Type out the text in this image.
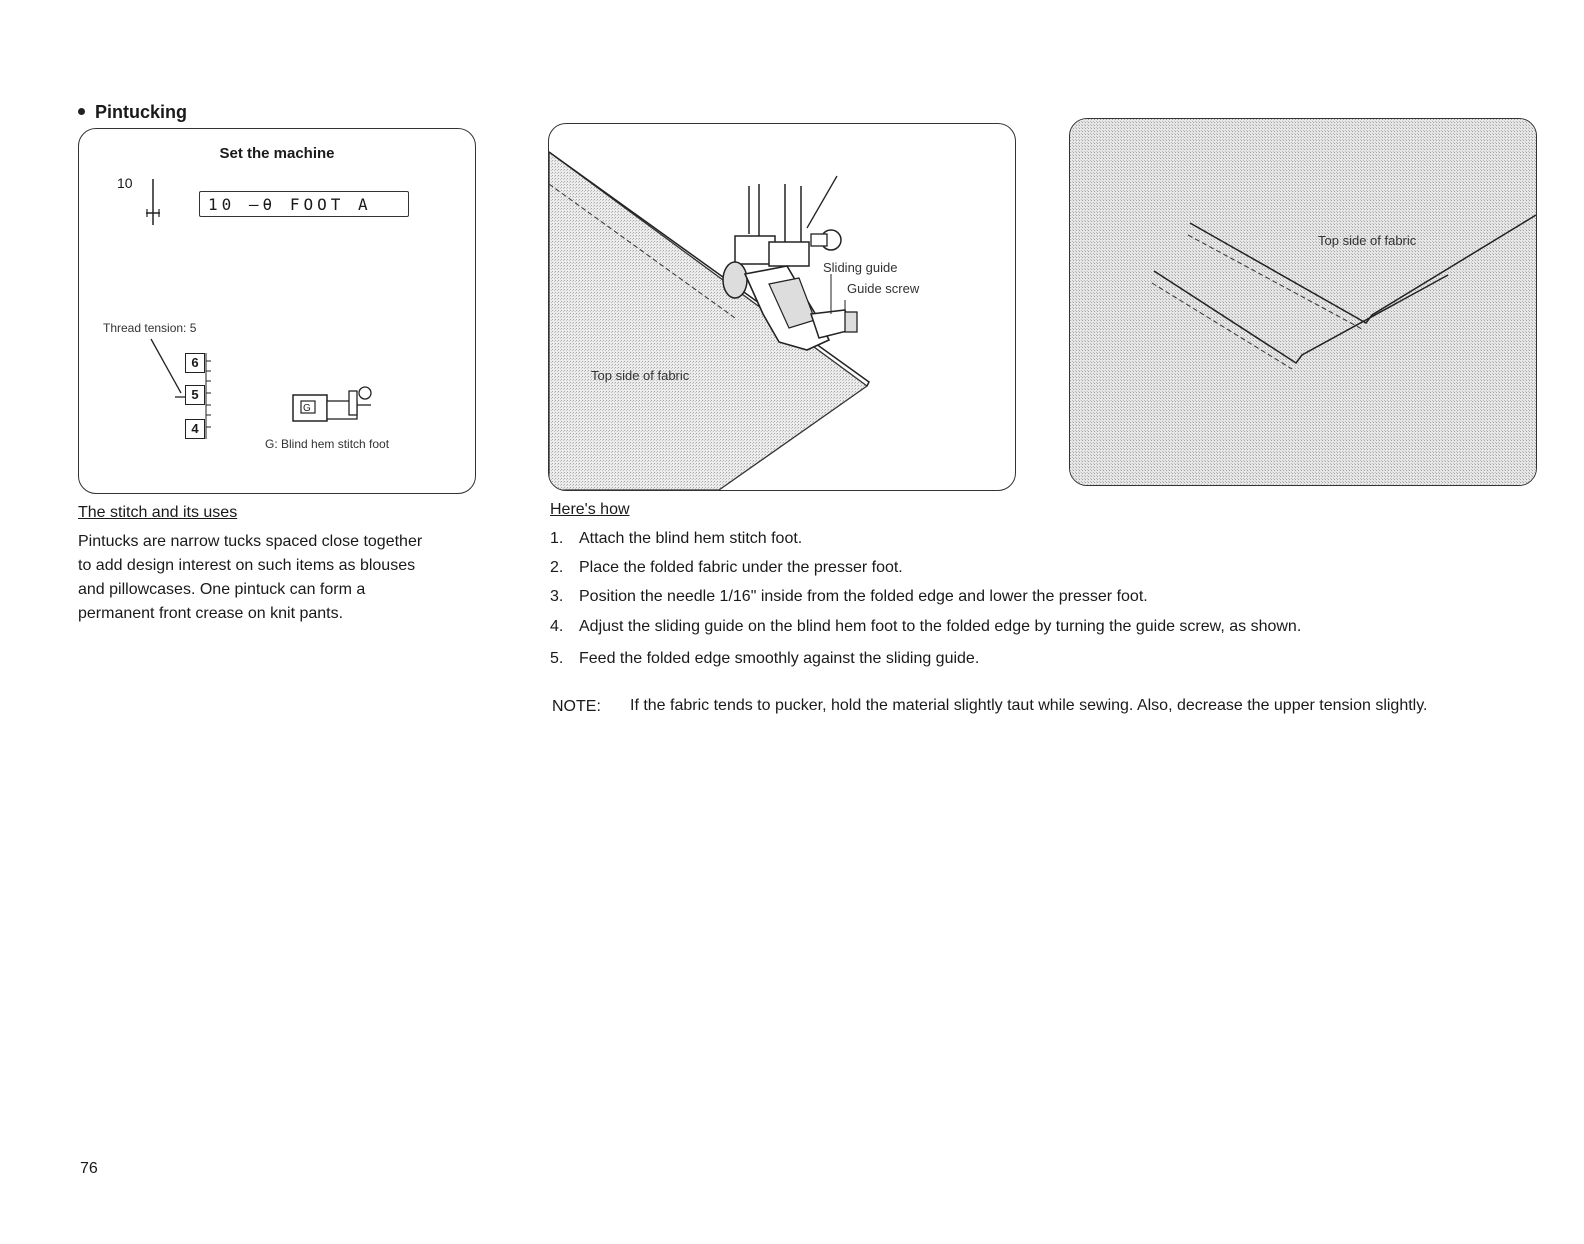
Pintucking
Set the machine
10
10 —θ FOOT A
Thread tension: 5
6
5
4
G
G: Blind hem stitch foot
Sliding guide
Guide screw
Top side of fabric
Top side of fabric
The stitch and its uses
Pintucks are narrow tucks spaced close together
to add design interest on such items as blouses
and pillowcases. One pintuck can form a
permanent front crease on knit pants.
Here's how
1. Attach the blind hem stitch foot.
2. Place the folded fabric under the presser foot.
3. Position the needle 1/16" inside from the folded edge and lower the presser foot.
4. Adjust the sliding guide on the blind hem foot to the folded edge by turning the guide screw, as shown.
5. Feed the folded edge smoothly against the sliding guide.
NOTE: If the fabric tends to pucker, hold the material slightly taut while sewing. Also, decrease the upper tension slightly.
76
